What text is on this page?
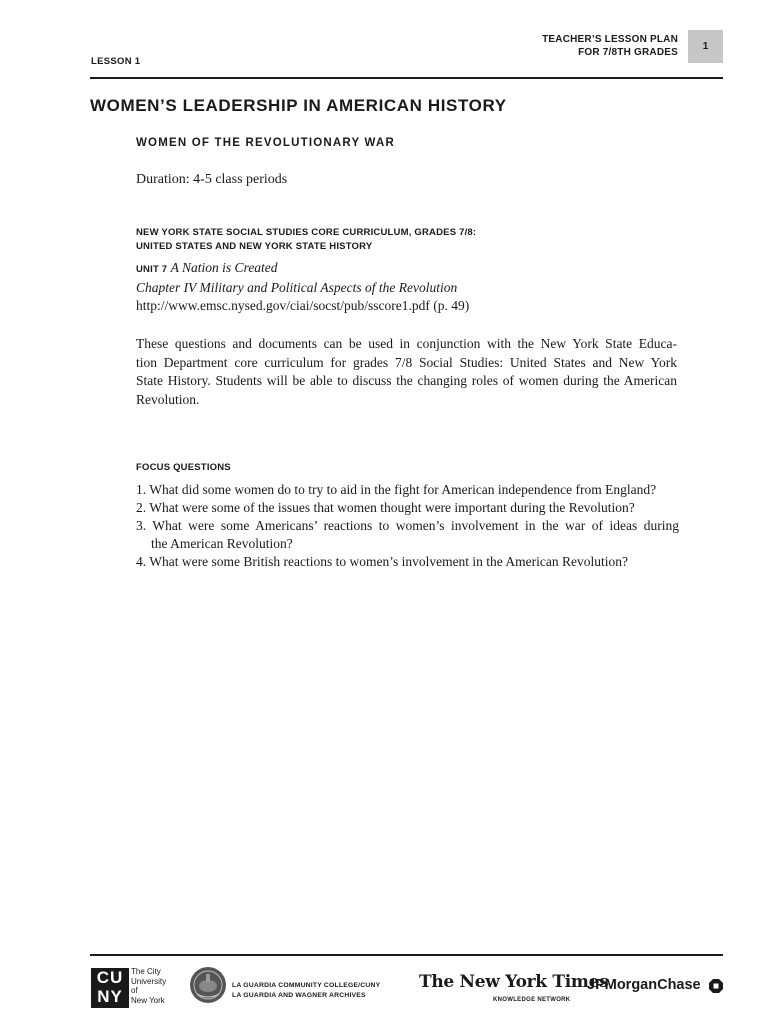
LESSON 1
TEACHER’S LESSON PLAN
FOR 7/8TH GRADES
1
WOMEN’S LEADERSHIP IN AMERICAN HISTORY
WOMEN OF THE REVOLUTIONARY WAR
Duration: 4-5 class periods
NEW YORK STATE SOCIAL STUDIES CORE CURRICULUM, GRADES 7/8:
UNITED STATES AND NEW YORK STATE HISTORY
UNIT 7 A Nation is Created
Chapter IV Military and Political Aspects of the Revolution
http://www.emsc.nysed.gov/ciai/socst/pub/sscore1.pdf (p. 49)
These questions and documents can be used in conjunction with the New York State Educa-
tion Department core curriculum for grades 7/8 Social Studies: United States and New York
State History. Students will be able to discuss the changing roles of women during the American
Revolution.
FOCUS QUESTIONS
1. What did some women do to try to aid in the fight for American independence from England?
2. What were some of the issues that women thought were important during the Revolution?
3. What were some Americans’ reactions to women’s involvement in the war of ideas during
the American Revolution?
4. What were some British reactions to women’s involvement in the American Revolution?
CU
NY
The City
University
of
New York
LA GUARDIA COMMUNITY COLLEGE/CUNY
LA GUARDIA AND WAGNER ARCHIVES
The New York Times
KNOWLEDGE NETWORK
JPMorganChase
